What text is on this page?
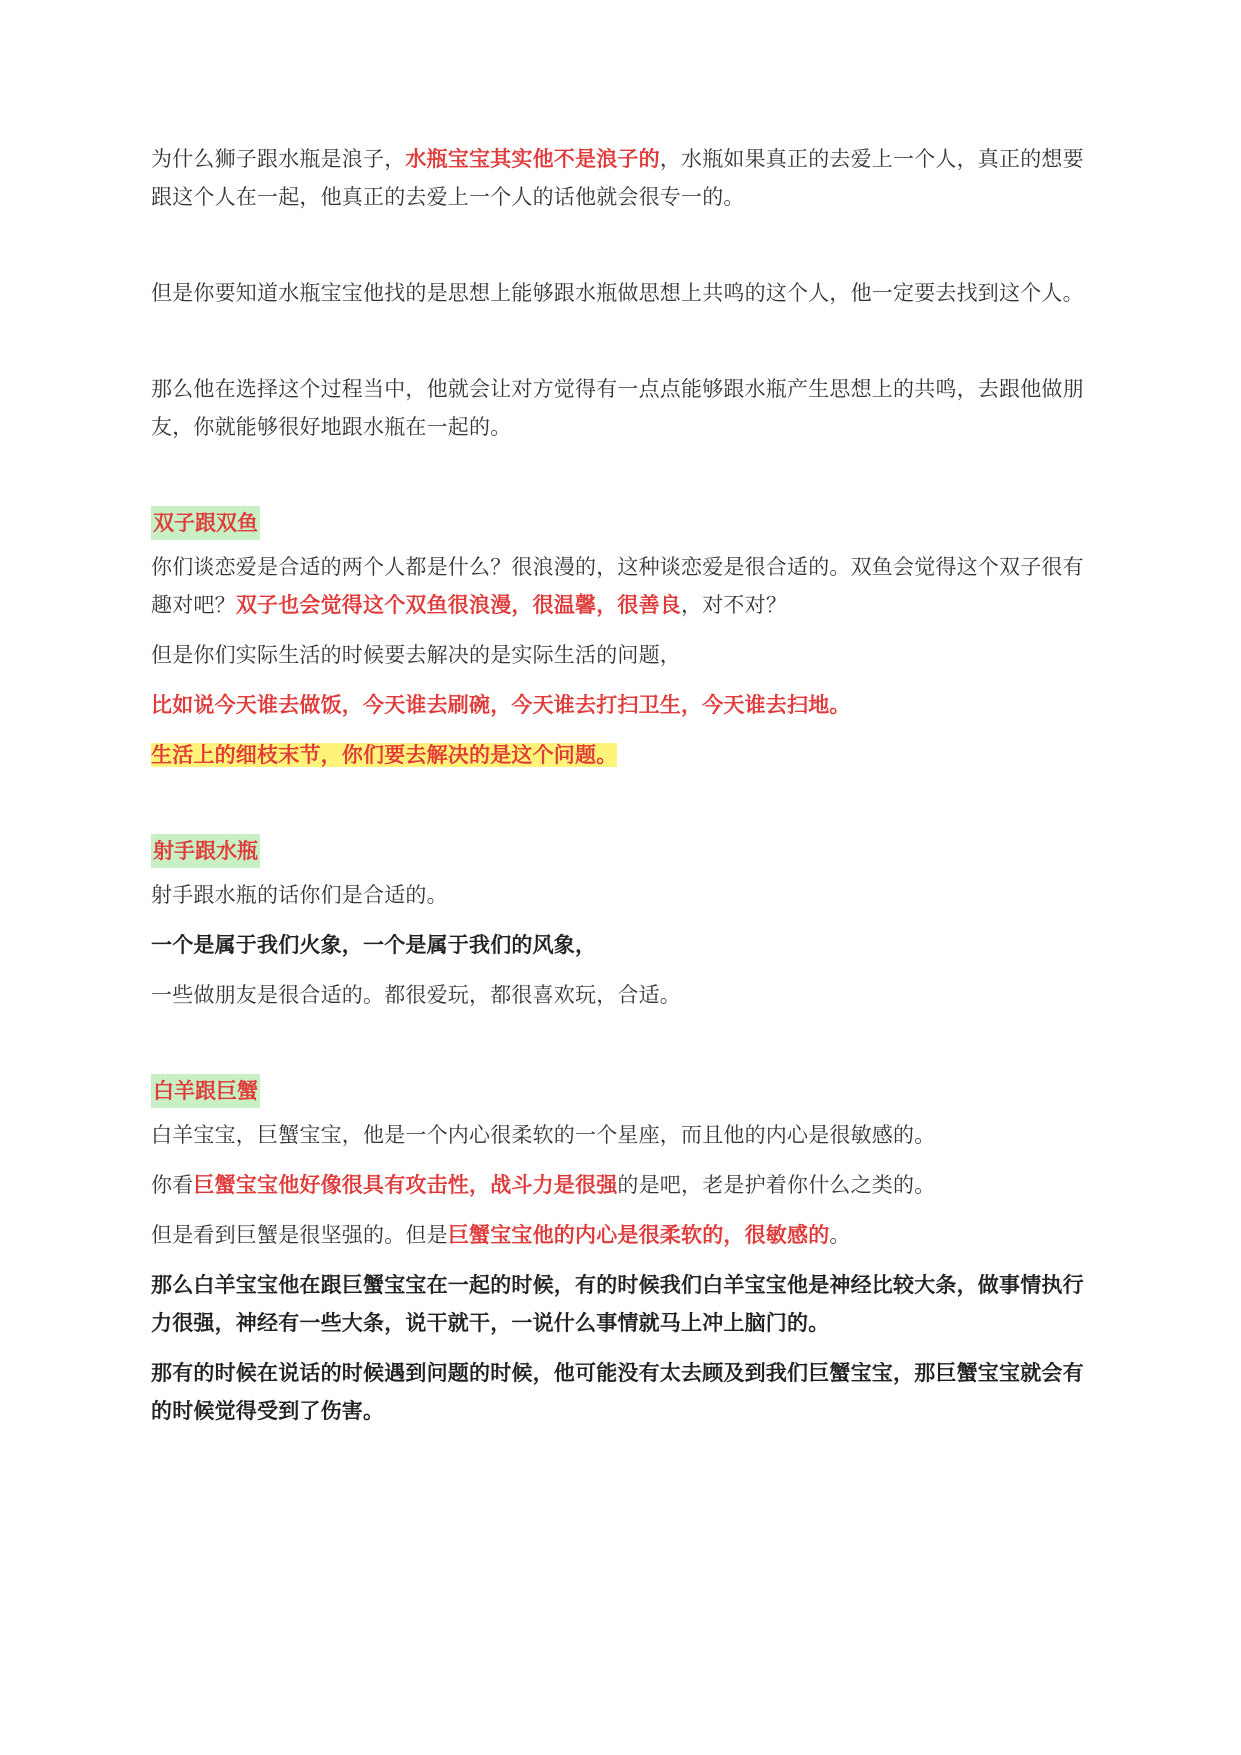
为什么狮子跟水瓶是浪子，水瓶宝宝其实他不是浪子的，水瓶如果真正的去爱上一个人，真正的想要跟这个人在一起，他真正的去爱上一个人的话他就会很专一的。

但是你要知道水瓶宝宝他找的是思想上能够跟水瓶做思想上共鸣的这个人，他一定要去找到这个人。

那么他在选择这个过程当中，他就会让对方觉得有一点点能够跟水瓶产生思想上的共鸣，去跟他做朋友，你就能够很好地跟水瓶在一起的。

双子跟双鱼

你们谈恋爱是合适的两个人都是什么？很浪漫的，这种谈恋爱是很合适的。双鱼会觉得这个双子很有趣对吧？双子也会觉得这个双鱼很浪漫，很温馨，很善良，对不对？

但是你们实际生活的时候要去解决的是实际生活的问题，

比如说今天谁去做饭，今天谁去刷碗，今天谁去打扫卫生，今天谁去扫地。

生活上的细枝末节，你们要去解决的是这个问题。

射手跟水瓶

射手跟水瓶的话你们是合适的。

一个是属于我们火象，一个是属于我们的风象，

一些做朋友是很合适的。都很爱玩，都很喜欢玩，合适。

白羊跟巨蟹

白羊宝宝，巨蟹宝宝，他是一个内心很柔软的一个星座，而且他的内心是很敏感的。

你看巨蟹宝宝他好像很具有攻击性，战斗力是很强的是吧，老是护着你什么之类的。

但是看到巨蟹是很坚强的。但是巨蟹宝宝他的内心是很柔软的，很敏感的。

那么白羊宝宝他在跟巨蟹宝宝在一起的时候，有的时候我们白羊宝宝他是神经比较大条，做事情执行力很强，神经有一些大条，说干就干，一说什么事情就马上冲上脑门的。

那有的时候在说话的时候遇到问题的时候，他可能没有太去顾及到我们巨蟹宝宝，那巨蟹宝宝就会有的时候觉得受到了伤害。
